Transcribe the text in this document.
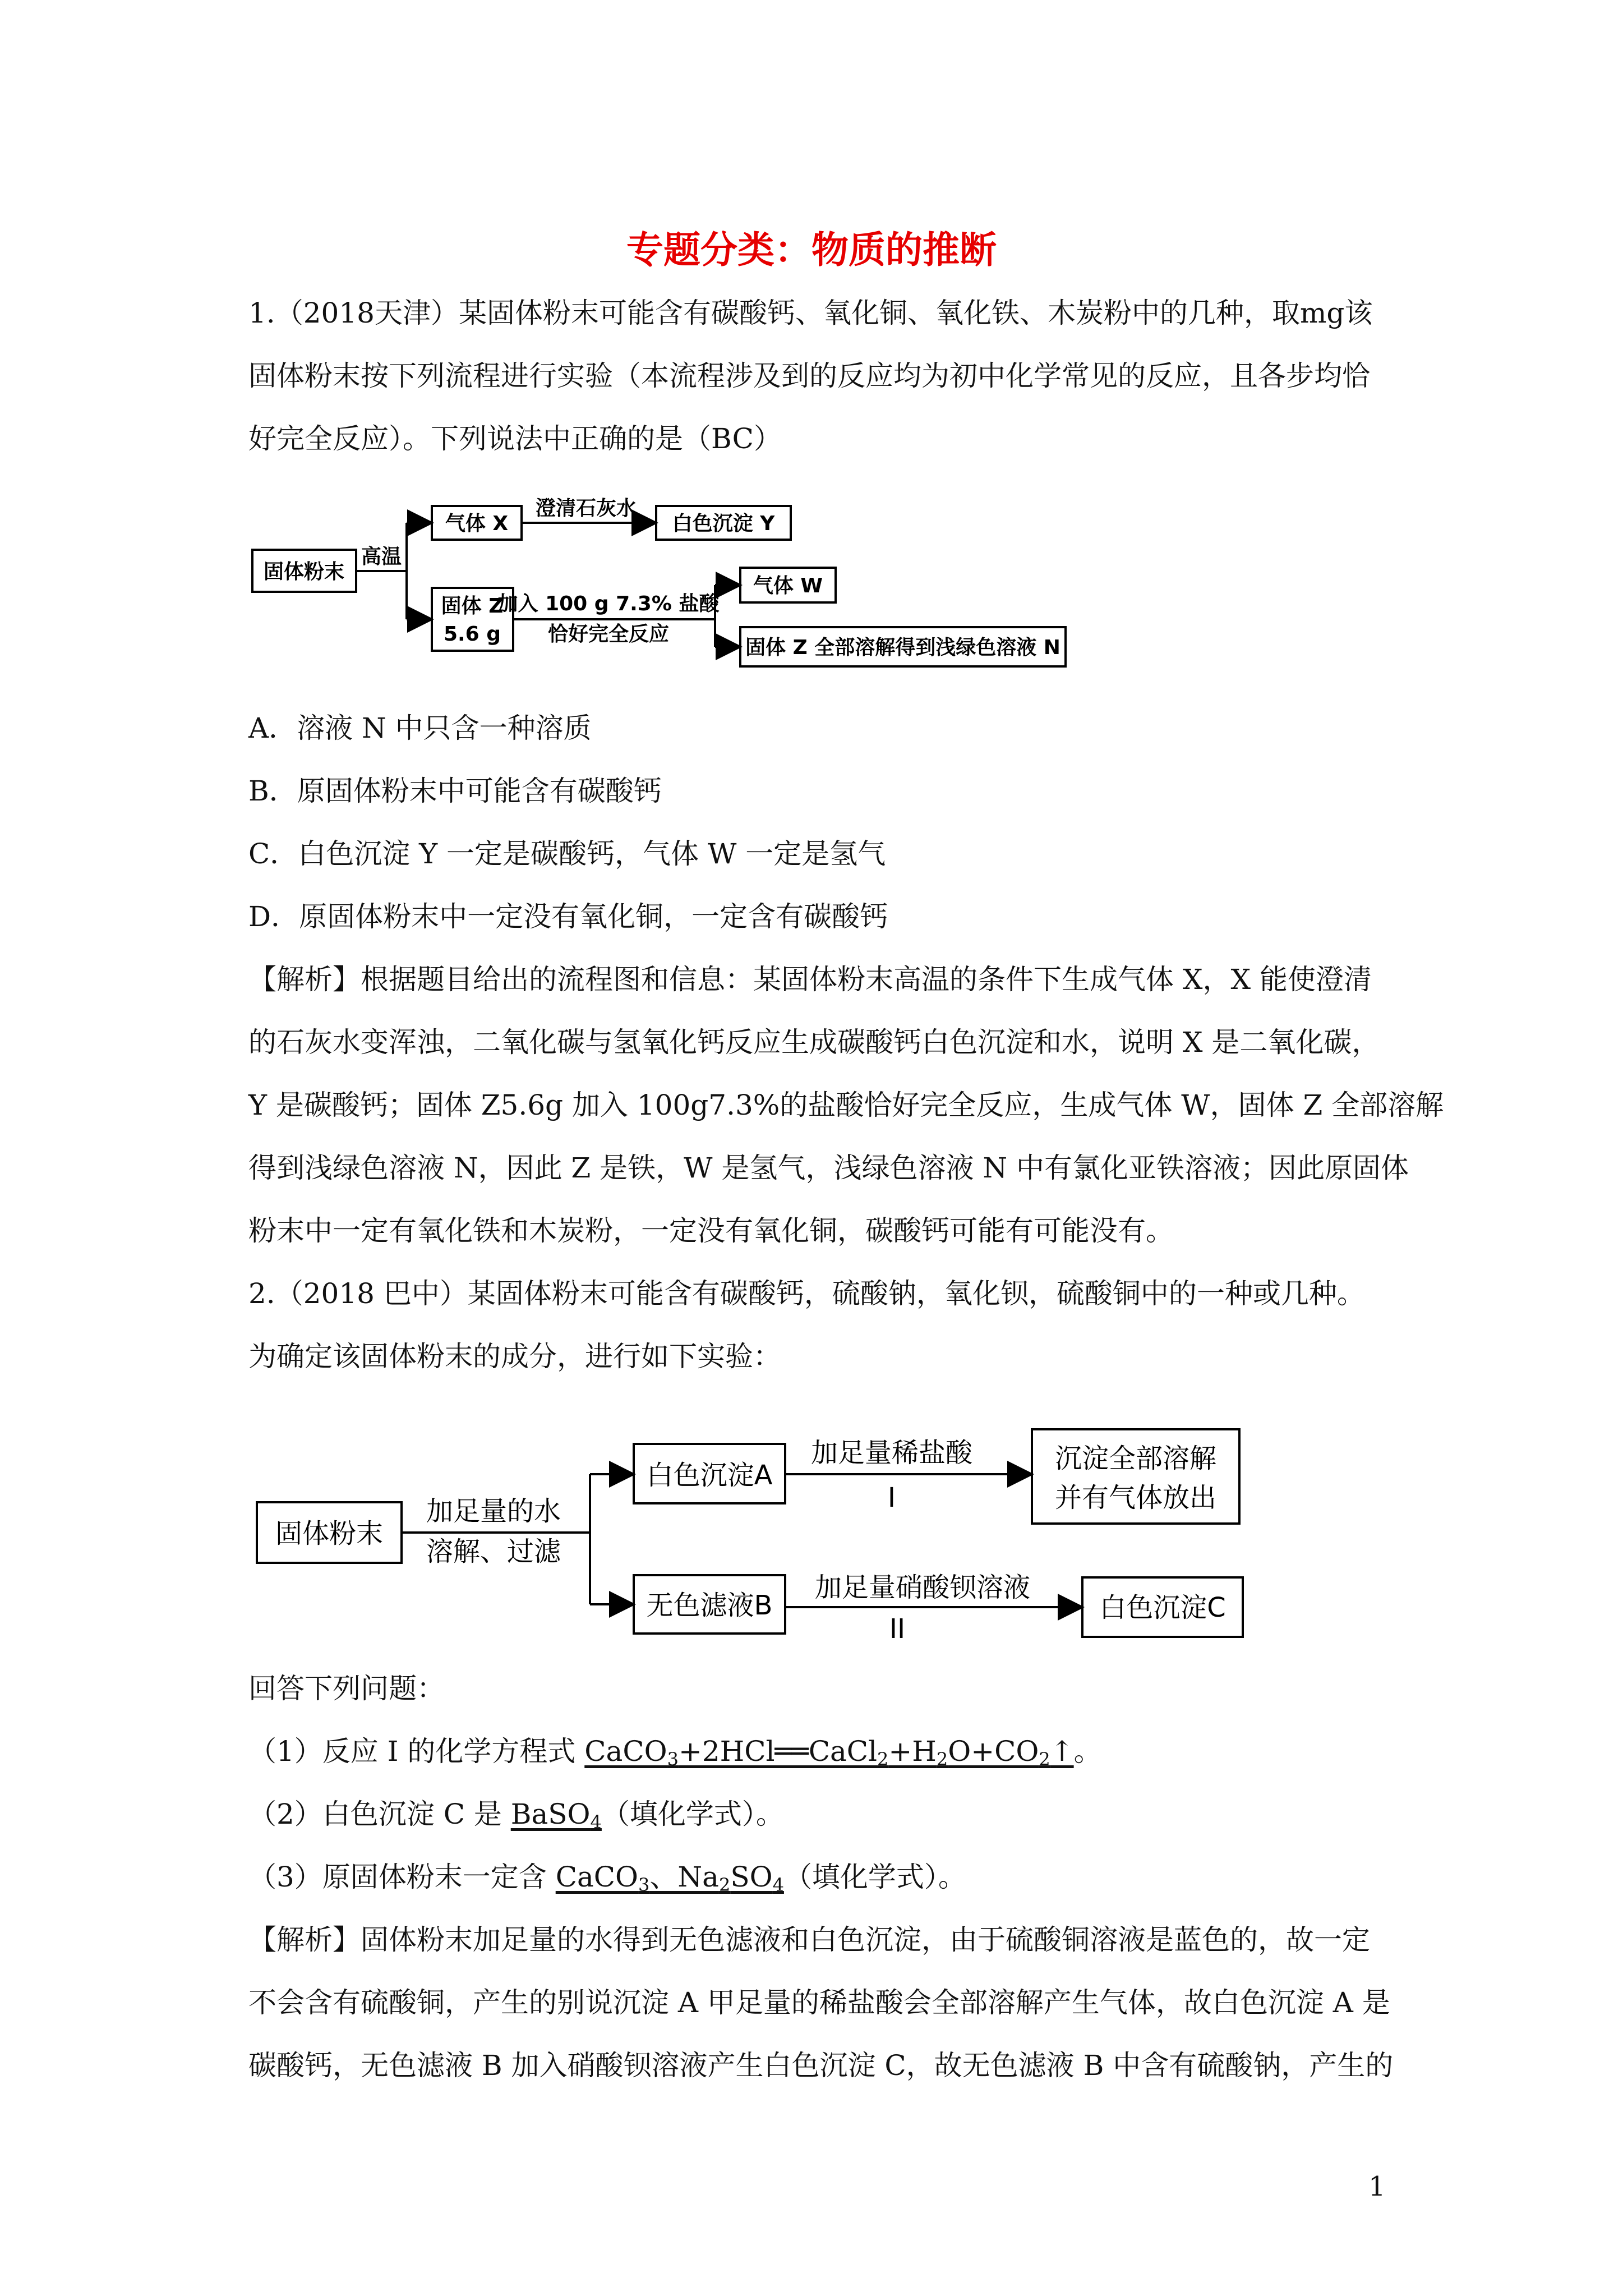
专题分类：物质的推断
1.（2018天津）某固体粉末可能含有碳酸钙、氧化铜、氧化铁、木炭粉中的几种，取mg该
固体粉末按下列流程进行实验（本流程涉及到的反应均为初中化学常见的反应，且各步均恰
好完全反应）。下列说法中正确的是（BC）
固体粉末
高温
气体 X
澄清石灰水
白色沉淀 Y
固体 Z
5.6 g
加入 100 g 7.3% 盐酸
恰好完全反应
气体 W
固体 Z 全部溶解得到浅绿色溶液 N
A．溶液 N 中只含一种溶质
B．原固体粉末中可能含有碳酸钙
C．白色沉淀 Y 一定是碳酸钙，气体 W 一定是氢气
D．原固体粉末中一定没有氧化铜，一定含有碳酸钙
【解析】根据题目给出的流程图和信息：某固体粉末高温的条件下生成气体 X，X 能使澄清
的石灰水变浑浊，二氧化碳与氢氧化钙反应生成碳酸钙白色沉淀和水，说明 X 是二氧化碳，
Y 是碳酸钙；固体 Z5.6g 加入 100g7.3%的盐酸恰好完全反应，生成气体 W，固体 Z 全部溶解
得到浅绿色溶液 N，因此 Z 是铁，W 是氢气，浅绿色溶液 N 中有氯化亚铁溶液；因此原固体
粉末中一定有氧化铁和木炭粉，一定没有氧化铜，碳酸钙可能有可能没有。
2.（2018 巴中）某固体粉末可能含有碳酸钙，硫酸钠，氧化钡，硫酸铜中的一种或几种。
为确定该固体粉末的成分，进行如下实验：
固体粉末
加足量的水
溶解、过滤
白色沉淀A
加足量稀盐酸
I
沉淀全部溶解
并有气体放出
无色滤液B
加足量硝酸钡溶液
II
白色沉淀C
回答下列问题：
（1）反应 I 的化学方程式 $CaCO_3+2HCl══CaCl_2+H_2O+CO_2↑$。
（2）白色沉淀 C 是 BaSO$_4$（填化学式）。
（3）原固体粉末一定含 CaCO$_3$、$Na_2SO_4$（填化学式）。
【解析】固体粉末加足量的水得到无色滤液和白色沉淀，由于硫酸铜溶液是蓝色的，故一定
不会含有硫酸铜，产生的别说沉淀 A 甲足量的稀盐酸会全部溶解产生气体，故白色沉淀 A 是
碳酸钙，无色滤液 B 加入硝酸钡溶液产生白色沉淀 C，故无色滤液 B 中含有硫酸钠，产生的
1
